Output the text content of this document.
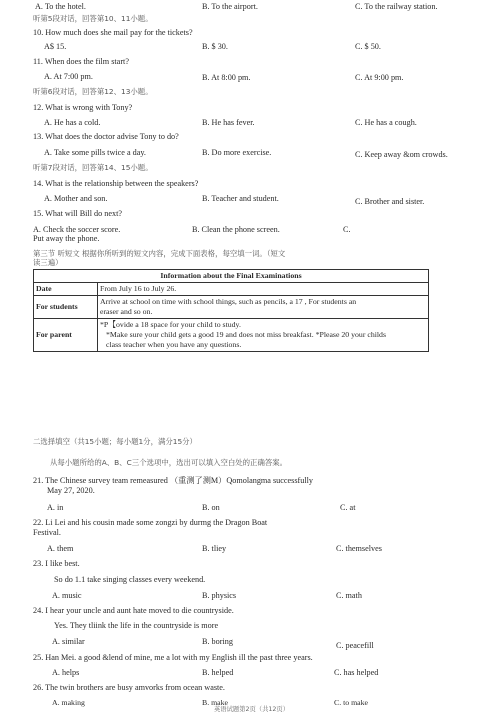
A. To the hotel.	B. To the airport.	C. To the railway station.
听第5段对话，回答第10、11小题。
10. How much does she mail pay for the tickets?
A$ 15.	B. $ 30.	C. $ 50.
11. When does the film start?
A. At 7:00 pm.	B. At 8:00 pm.	C. At 9:00 pm.
听第6段对话，回答第12、13小题。
12. What is wrong with Tony?
A. He has a cold.	B. He has fever.	C. He has a cough.
13. What does the doctor advise Tony to do?
A. Take some pills twice a day.	B. Do more exercise.	C. Keep away &om crowds.
听第7段对话，回答第14、15小题。
14. What is the relationship between the speakers?
A. Mother and son.	B. Teacher and student.	C. Brother and sister.
15. What will Bill do next?
A. Check the soccer score.	B. Clean the phone screen.	C.
Put away the phone.
第三节 听短文 根据你所听到的短文内容，完成下面表格，每空填一词。（短文
读三遍）
Information about the Final Examinations	
Date	From July 16 to July 26.
For students	Arrive at school on time with school things, such as pencils, a 17 , For students an
eraser and so on.

For parent	*P【ovide a 18 space for your child to study.
*Make sure your child gets a good 19 and does not miss breakfast. *Please 20 your childs
class teacher when you have any questions.
二选择填空（共15小题；每小题1分，满分15分）
从每小题所给的A、B、C三个选项中，选出可以填入空白处的正确答案。
21. The Chinese survey team remeasured （重测了测M）Qomolangma successfully
May 27, 2020.
A. in	B. on	C. at
22. Li Lei and his cousin made some zongzi by durmg the Dragon Boat
Festival.
A. them	B. tliey	C. themselves
23. I like best.
So do 1.1 take singing classes every weekend.
A. music	B. physics	C. math
24. I hear your uncle and aunt hate moved to die countryside.
Yes. They tliink the life in the countryside is more
A. similar	B. boring	C. peacefill
25. Han Mei. a good &lend of mine, me a lot with my English ill the past three years.
A. helps	B. helped	C. has helped
26. The twin brothers are busy amvorks from ocean waste.
A. making	B. make	C. to make
英语试题第2页（共12页）
